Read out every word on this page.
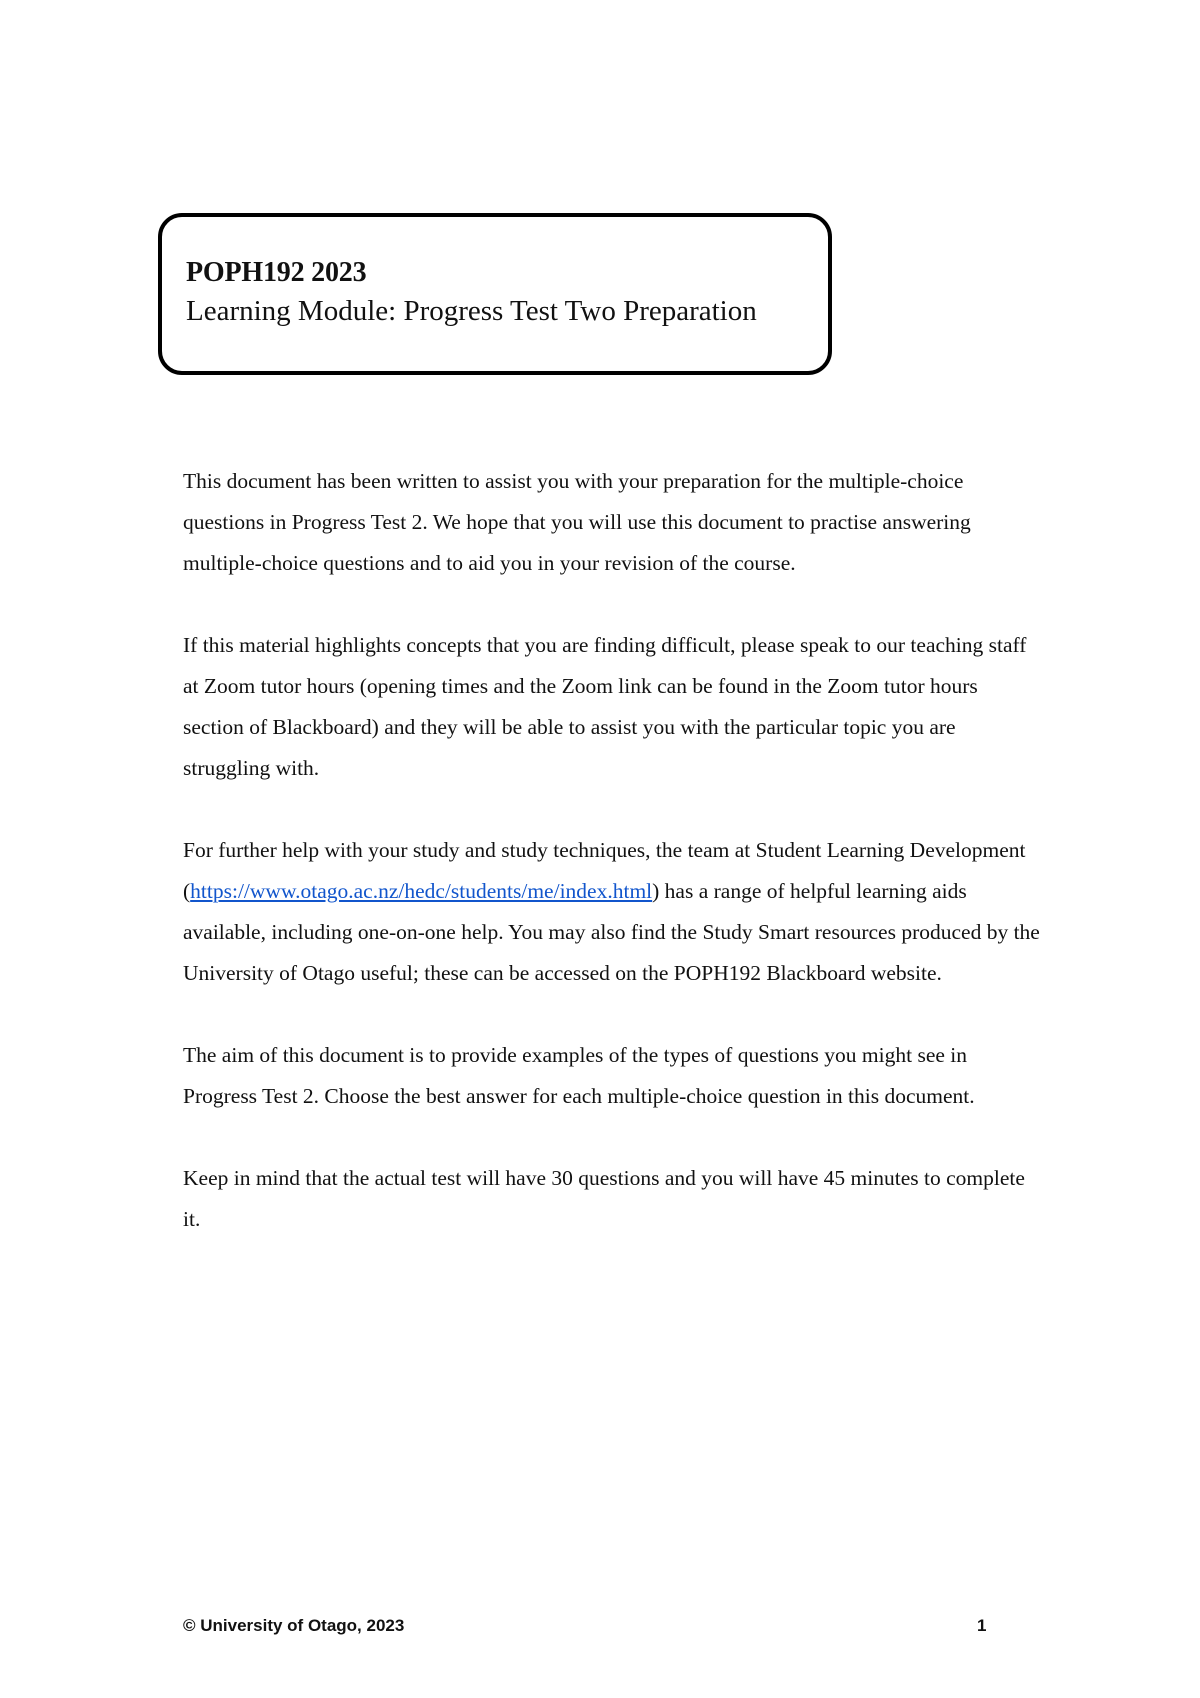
POPH192 2023
Learning Module: Progress Test Two Preparation

This document has been written to assist you with your preparation for the multiple-choice questions in Progress Test 2. We hope that you will use this document to practise answering multiple-choice questions and to aid you in your revision of the course.

If this material highlights concepts that you are finding difficult, please speak to our teaching staff at Zoom tutor hours (opening times and the Zoom link can be found in the Zoom tutor hours section of Blackboard) and they will be able to assist you with the particular topic you are struggling with.

For further help with your study and study techniques, the team at Student Learning Development (https://www.otago.ac.nz/hedc/students/me/index.html) has a range of helpful learning aids available, including one-on-one help. You may also find the Study Smart resources produced by the University of Otago useful; these can be accessed on the POPH192 Blackboard website.

The aim of this document is to provide examples of the types of questions you might see in Progress Test 2. Choose the best answer for each multiple-choice question in this document.

Keep in mind that the actual test will have 30 questions and you will have 45 minutes to complete it.

© University of Otago, 2023	1
